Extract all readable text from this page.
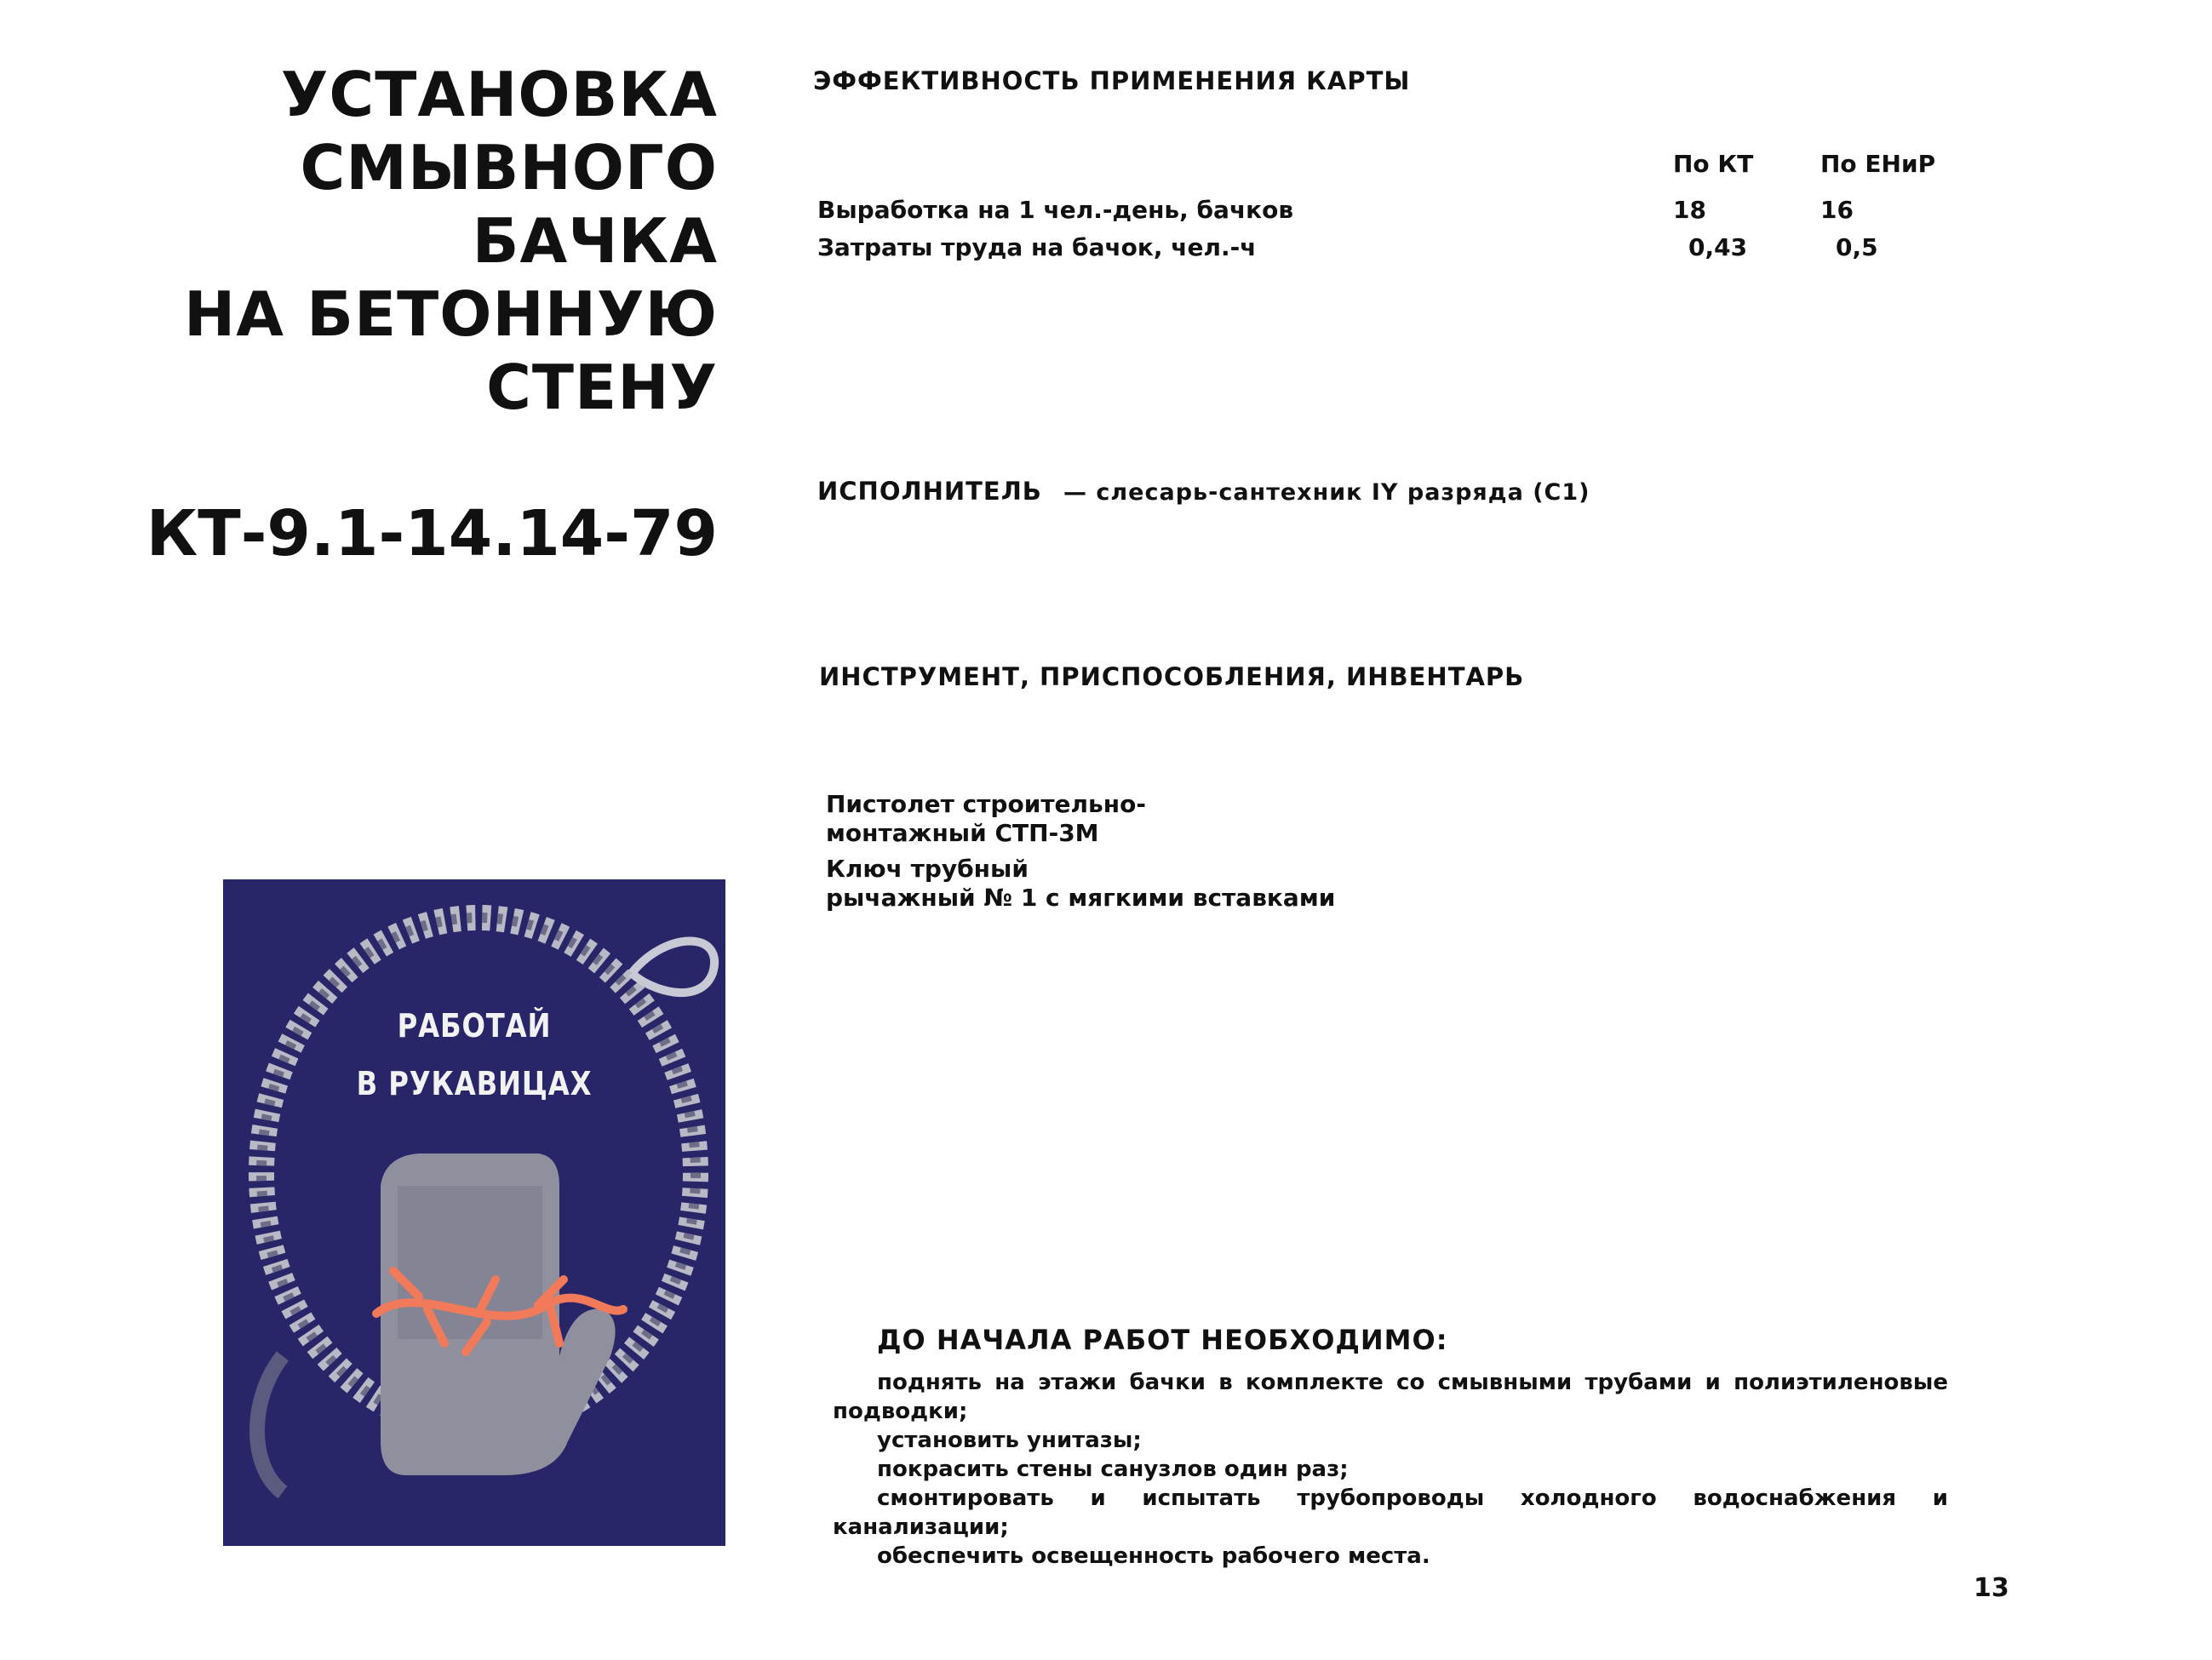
УСТАНОВКА
СМЫВНОГО
БАЧКА
НА БЕТОННУЮ
СТЕНУ
КТ-9.1-14.14-79
ЭФФЕКТИВНОСТЬ ПРИМЕНЕНИЯ КАРТЫ
	По КТ	По ЕНиР

Выработка на 1 чел.-день, бачков	18	16
Затраты труда на бачок, чел.-ч	0,43	0,5
ИСПОЛНИТЕЛЬ — слесарь-сантехник IY разряда (С1)
ИНСТРУМЕНТ, ПРИСПОСОБЛЕНИЯ, ИНВЕНТАРЬ
Пистолет строительно-
монтажный СТП-3М
Ключ трубный
рычажный № 1 с мягкими вставками
РАБОТАЙ
В РУКАВИЦАХ
ДО НАЧАЛА РАБОТ НЕОБХОДИМО:

поднять на этажи бачки в комплекте со смывными трубами и полиэтиленовые подводки;

установить унитазы;

покрасить стены санузлов один раз;

смонтировать и испытать трубопроводы холодного водоснабжения и канализации;

обеспечить освещенность рабочего места.

13
